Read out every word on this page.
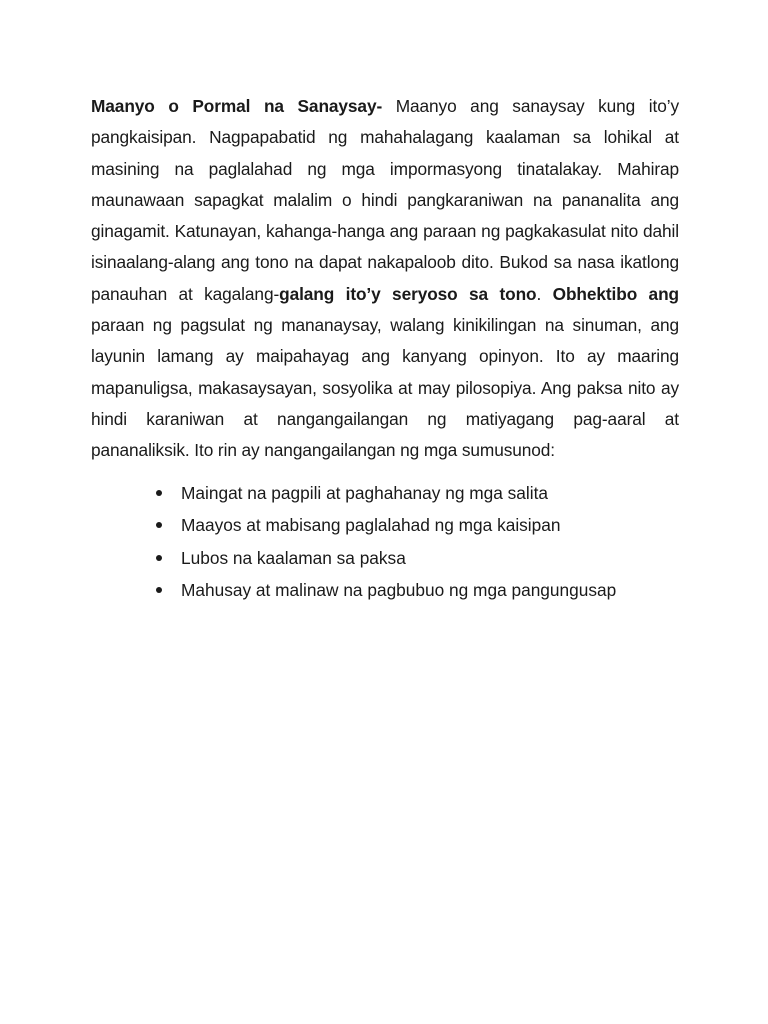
Maanyo o Pormal na Sanaysay- Maanyo ang sanaysay kung ito’y pangkaisipan. Nagpapabatid ng mahahalagang kaalaman sa lohikal at masining na paglalahad ng mga impormasyong tinatalakay. Mahirap maunawaan sapagkat malalim o hindi pangkaraniwan na pananalita ang ginagamit. Katunayan, kahanga-hanga ang paraan ng pagkakasulat nito dahil isinaalang-alang ang tono na dapat nakapaloob dito. Bukod sa nasa ikatlong panauhan at kagalang-galang ito’y seryoso sa tono. Obhektibo ang paraan ng pagsulat ng mananaysay, walang kinikilingan na sinuman, ang layunin lamang ay maipahayag ang kanyang opinyon. Ito ay maaring mapanuligsa, makasaysayan, sosyolika at may pilosopiya. Ang paksa nito ay hindi karaniwan at nangangailangan ng matiyagang pag-aaral at pananaliksik. Ito rin ay nangangailangan ng mga sumusunod:

Maingat na pagpili at paghahanay ng mga salita
Maayos at mabisang paglalahad ng mga kaisipan
Lubos na kaalaman sa paksa
Mahusay at malinaw na pagbubuo ng mga pangungusap
